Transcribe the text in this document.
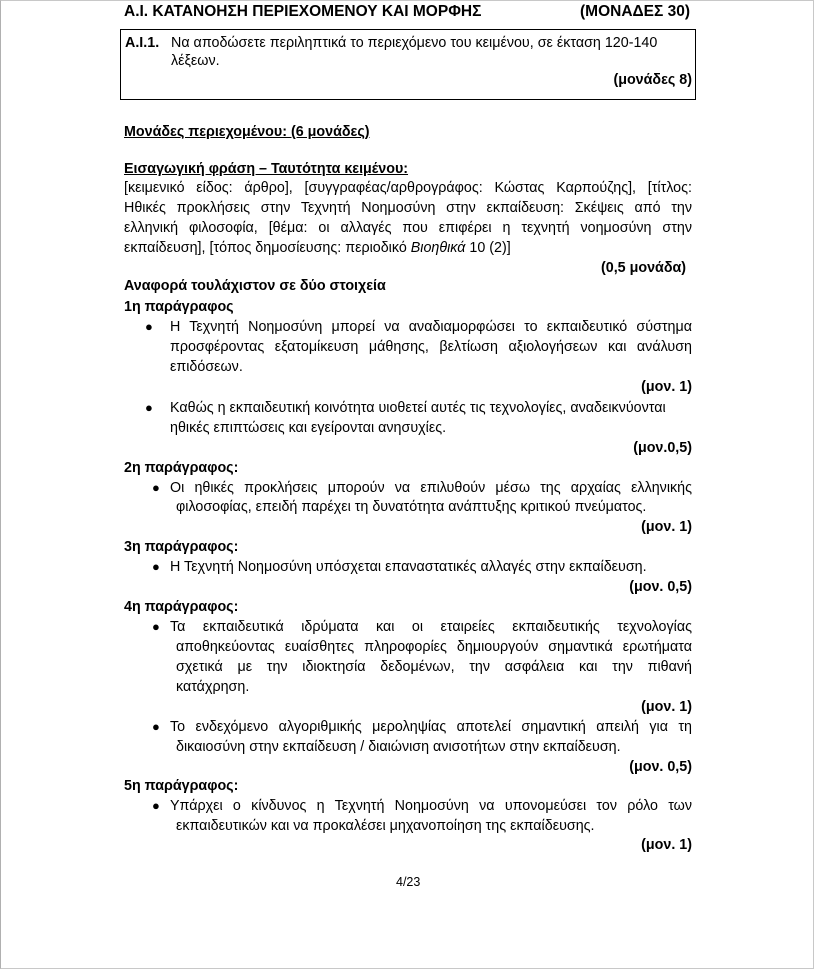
Α.Ι. ΚΑΤΑΝΟΗΣΗ ΠΕΡΙΕΧΟΜΕΝΟΥ ΚΑΙ ΜΟΡΦΗΣ	(ΜΟΝΑΔΕΣ 30)
Α.Ι.1. Να αποδώσετε περιληπτικά το περιεχόμενο του κειμένου, σε έκταση 120-140
λέξεων.
(μονάδες 8)
Μονάδες περιεχομένου: (6 μονάδες)
Εισαγωγική φράση – Ταυτότητα κειμένου:
[κειμενικό είδος: άρθρο], [συγγραφέας/αρθρογράφος: Κώστας Καρπούζης], [τίτλος:
Ηθικές προκλήσεις στην Τεχνητή Νοημοσύνη στην εκπαίδευση: Σκέψεις από την
ελληνική φιλοσοφία, [θέμα: οι αλλαγές που επιφέρει η τεχνητή νοημοσύνη στην
εκπαίδευση], [τόπος δημοσίευσης: περιοδικό Βιοηθικά 10 (2)]
(0,5 μονάδα)
Αναφορά τουλάχιστον σε δύο στοιχεία
1η παράγραφος
● Η Τεχνητή Νοημοσύνη μπορεί να αναδιαμορφώσει το εκπαιδευτικό σύστημα
προσφέροντας εξατομίκευση μάθησης, βελτίωση αξιολογήσεων και ανάλυση
επιδόσεων.
(μον. 1)
● Καθώς η εκπαιδευτική κοινότητα υιοθετεί αυτές τις τεχνολογίες, αναδεικνύονται
ηθικές επιπτώσεις και εγείρονται ανησυχίες.
(μον.0,5)
2η παράγραφος:
● Οι ηθικές προκλήσεις μπορούν να επιλυθούν μέσω της αρχαίας ελληνικής
φιλοσοφίας, επειδή παρέχει τη δυνατότητα ανάπτυξης κριτικού πνεύματος.
(μον. 1)
3η παράγραφος:
● Η Τεχνητή Νοημοσύνη υπόσχεται επαναστατικές αλλαγές στην εκπαίδευση.
(μον. 0,5)
4η παράγραφος:
● Τα εκπαιδευτικά ιδρύματα και οι εταιρείες εκπαιδευτικής τεχνολογίας
αποθηκεύοντας ευαίσθητες πληροφορίες δημιουργούν σημαντικά ερωτήματα
σχετικά με την ιδιοκτησία δεδομένων, την ασφάλεια και την πιθανή
κατάχρηση.
(μον. 1)
● Το ενδεχόμενο αλγοριθμικής μεροληψίας αποτελεί σημαντική απειλή για τη
δικαιοσύνη στην εκπαίδευση / διαιώνιση ανισοτήτων στην εκπαίδευση.
(μον. 0,5)
5η παράγραφος:
● Υπάρχει ο κίνδυνος η Τεχνητή Νοημοσύνη να υπονομεύσει τον ρόλο των
εκπαιδευτικών και να προκαλέσει μηχανοποίηση της εκπαίδευσης.
(μον. 1)
4/23
